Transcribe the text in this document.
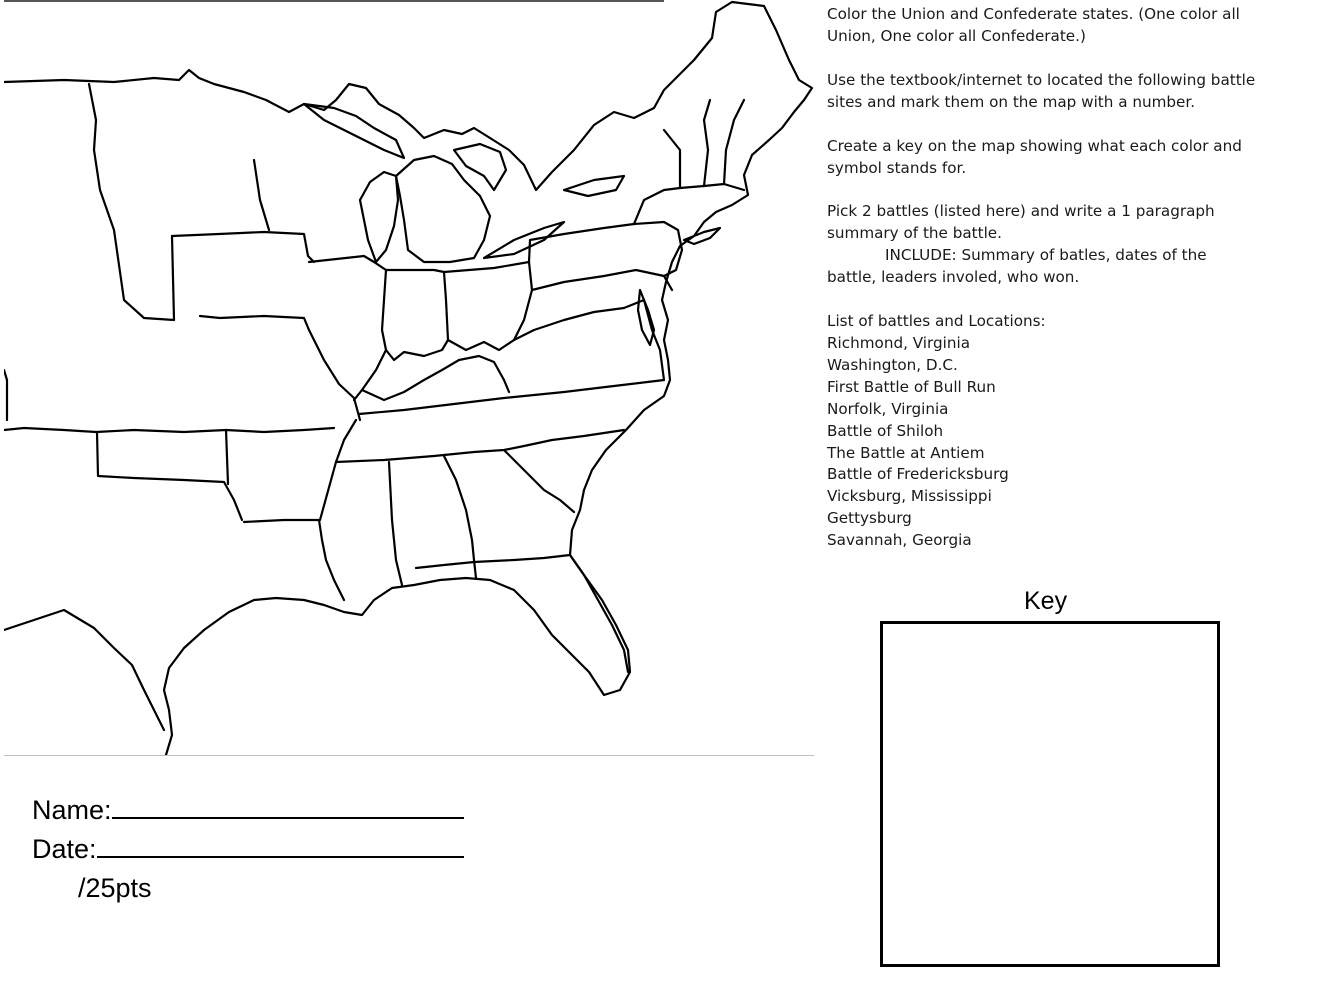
Color the Union and Confederate states. (One color all Union, One color all Confederate.)

Use the textbook/internet to located the following battle sites and mark them on the map with a number.

Create a key on the map showing what each color and symbol stands for.

Pick 2 battles (listed here) and write a 1 paragraph summary of the battle.

INCLUDE: Summary of batles, dates of the battle, leaders involed, who won.

List of battles and Locations:
Richmond, Virginia
Washington, D.C.
First Battle of Bull Run
Norfolk, Virginia
Battle of Shiloh
The Battle at Antiem
Battle of Fredericksburg
Vicksburg, Mississippi
Gettysburg
Savannah, Georgia
Key
Name:
Date:
/25pts
